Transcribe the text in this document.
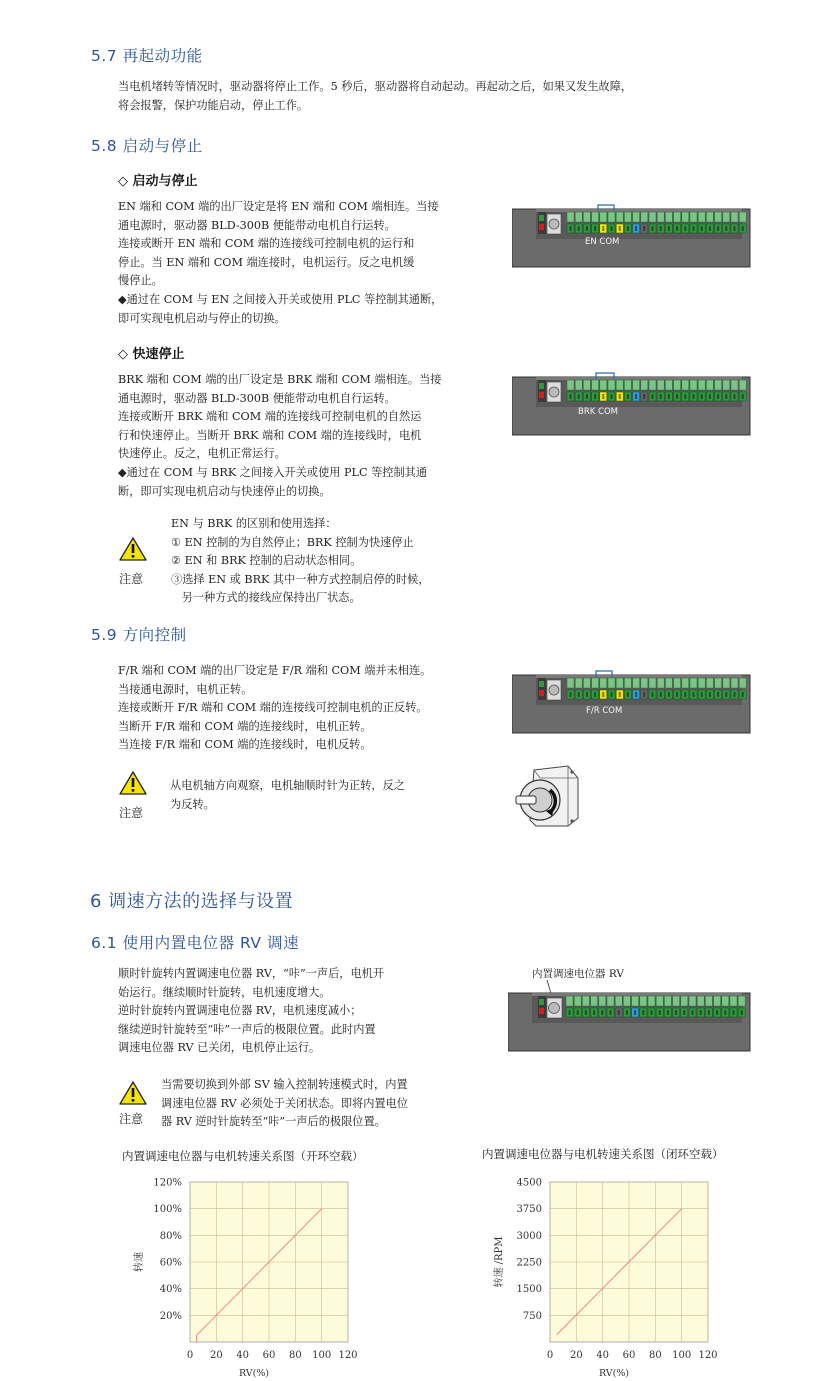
5.7 再起动功能
当电机堵转等情况时，驱动器将停止工作。5 秒后，驱动器将自动起动。再起动之后，如果又发生故障，
将会报警，保护功能启动，停止工作。
5.8 启动与停止
◇ 启动与停止
EN 端和 COM 端的出厂设定是将 EN 端和 COM 端相连。当接
通电源时，驱动器 BLD-300B 便能带动电机自行运转。
连接或断开 EN 端和 COM 端的连接线可控制电机的运行和
停止。当 EN 端和 COM 端连接时，电机运行。反之电机缓
慢停止。
◆通过在 COM 与 EN 之间接入开关或使用 PLC 等控制其通断，
即可实现电机启动与停止的切换。
EN COM
◇ 快速停止
BRK 端和 COM 端的出厂设定是 BRK 端和 COM 端相连。当接
通电源时，驱动器 BLD-300B 便能带动电机自行运转。
连接或断开 BRK 端和 COM 端的连接线可控制电机的自然运
行和快速停止。当断开 BRK 端和 COM 端的连接线时，电机
快速停止。反之，电机正常运行。
◆通过在 COM 与 BRK 之间接入开关或使用 PLC 等控制其通
断，即可实现电机启动与快速停止的切换。
BRK COM
注意
EN 与 BRK 的区别和使用选择：
① EN 控制的为自然停止；BRK 控制为快速停止
② EN 和 BRK 控制的启动状态相同。
③选择 EN 或 BRK 其中一种方式控制启停的时候，
另一种方式的接线应保持出厂状态。
5.9 方向控制
F/R 端和 COM 端的出厂设定是 F/R 端和 COM 端并未相连。
当接通电源时，电机正转。
连接或断开 F/R 端和 COM 端的连接线可控制电机的正反转。
当断开 F/R 端和 COM 端的连接线时，电机正转。
当连接 F/R 端和 COM 端的连接线时，电机反转。
F/R COM
注意
从电机轴方向观察，电机轴顺时针为正转，反之
为反转。
6 调速方法的选择与设置
6.1 使用内置电位器 RV 调速
顺时针旋转内置调速电位器 RV，“咔”一声后，电机开
始运行。继续顺时针旋转，电机速度增大。
逆时针旋转内置调速电位器 RV，电机速度减小；
继续逆时针旋转至“咔”一声后的极限位置。此时内置
调速电位器 RV 已关闭，电机停止运行。
内置调速电位器 RV
注意
当需要切换到外部 SV 输入控制转速模式时，内置
调速电位器 RV 必须处于关闭状态。即将内置电位
器 RV 逆时针旋转至“咔”一声后的极限位置。
内置调速电位器与电机转速关系图（开环空载）	内置调速电位器与电机转速关系图（闭环空载）
0 20 40 60 80 100 120
20%
40%
60%
80%
100%
120%
RV(%)
转速
0 20 40 60 80 100 120
750
1500
2250
3000
3750
4500
RV(%)
转速 /RPM
